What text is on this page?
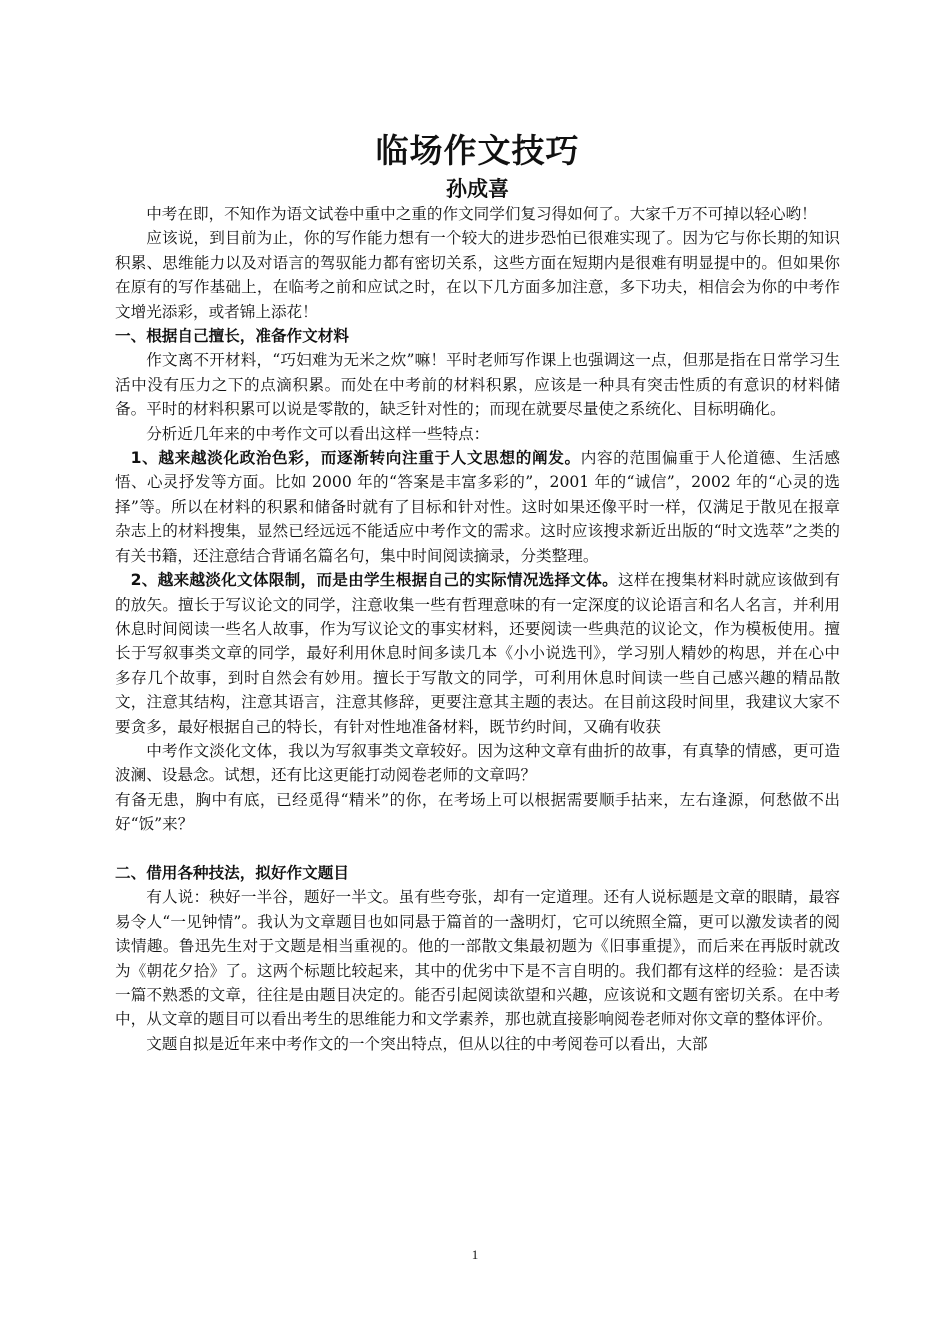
临场作文技巧
孙成喜

中考在即，不知作为语文试卷中重中之重的作文同学们复习得如何了。大家千万不可掉以轻心哟！

应该说，到目前为止，你的写作能力想有一个较大的进步恐怕已很难实现了。因为它与你长期的知识积累、思维能力以及对语言的驾驭能力都有密切关系，这些方面在短期内是很难有明显提中的。但如果你在原有的写作基础上，在临考之前和应试之时，在以下几方面多加注意，多下功夫，相信会为你的中考作文增光添彩，或者锦上添花！

一、根据自己擅长，准备作文材料

作文离不开材料，“巧妇难为无米之炊”嘛！平时老师写作课上也强调这一点，但那是指在日常学习生活中没有压力之下的点滴积累。而处在中考前的材料积累，应该是一种具有突击性质的有意识的材料储备。平时的材料积累可以说是零散的，缺乏针对性的；而现在就要尽量使之系统化、目标明确化。

分析近几年来的中考作文可以看出这样一些特点：

1、越来越淡化政治色彩，而逐渐转向注重于人文思想的阐发。内容的范围偏重于人伦道德、生活感悟、心灵抒发等方面。比如 2000 年的“答案是丰富多彩的”，2001 年的“诚信”，2002 年的“心灵的选择”等。所以在材料的积累和储备时就有了目标和针对性。这时如果还像平时一样，仅满足于散见在报章杂志上的材料搜集，显然已经远远不能适应中考作文的需求。这时应该搜求新近出版的“时文选萃”之类的有关书籍，还注意结合背诵名篇名句，集中时间阅读摘录，分类整理。

2、越来越淡化文体限制，而是由学生根据自己的实际情况选择文体。这样在搜集材料时就应该做到有的放矢。擅长于写议论文的同学，注意收集一些有哲理意味的有一定深度的议论语言和名人名言，并利用休息时间阅读一些名人故事，作为写议论文的事实材料，还要阅读一些典范的议论文，作为模板使用。擅长于写叙事类文章的同学，最好利用休息时间多读几本《小小说选刊》，学习别人精妙的构思，并在心中多存几个故事，到时自然会有妙用。擅长于写散文的同学，可利用休息时间读一些自己感兴趣的精品散文，注意其结构，注意其语言，注意其修辞，更要注意其主题的表达。在目前这段时间里，我建议大家不要贪多，最好根据自己的特长，有针对性地准备材料，既节约时间，又确有收获

中考作文淡化文体，我以为写叙事类文章较好。因为这种文章有曲折的故事，有真挚的情感，更可造波澜、设悬念。试想，还有比这更能打动阅卷老师的文章吗？

有备无患，胸中有底，已经觅得“精米”的你，在考场上可以根据需要顺手拈来，左右逢源，何愁做不出好“饭”来？

二、借用各种技法，拟好作文题目

有人说：秧好一半谷，题好一半文。虽有些夸张，却有一定道理。还有人说标题是文章的眼睛，最容易令人“一见钟情”。我认为文章题目也如同悬于篇首的一盏明灯，它可以统照全篇，更可以激发读者的阅读情趣。鲁迅先生对于文题是相当重视的。他的一部散文集最初题为《旧事重提》，而后来在再版时就改为《朝花夕拾》了。这两个标题比较起来，其中的优劣中下是不言自明的。我们都有这样的经验：是否读一篇不熟悉的文章，往往是由题目决定的。能否引起阅读欲望和兴趣，应该说和文题有密切关系。在中考中，从文章的题目可以看出考生的思维能力和文学素养，那也就直接影响阅卷老师对你文章的整体评价。

文题自拟是近年来中考作文的一个突出特点，但从以往的中考阅卷可以看出，大部

1
